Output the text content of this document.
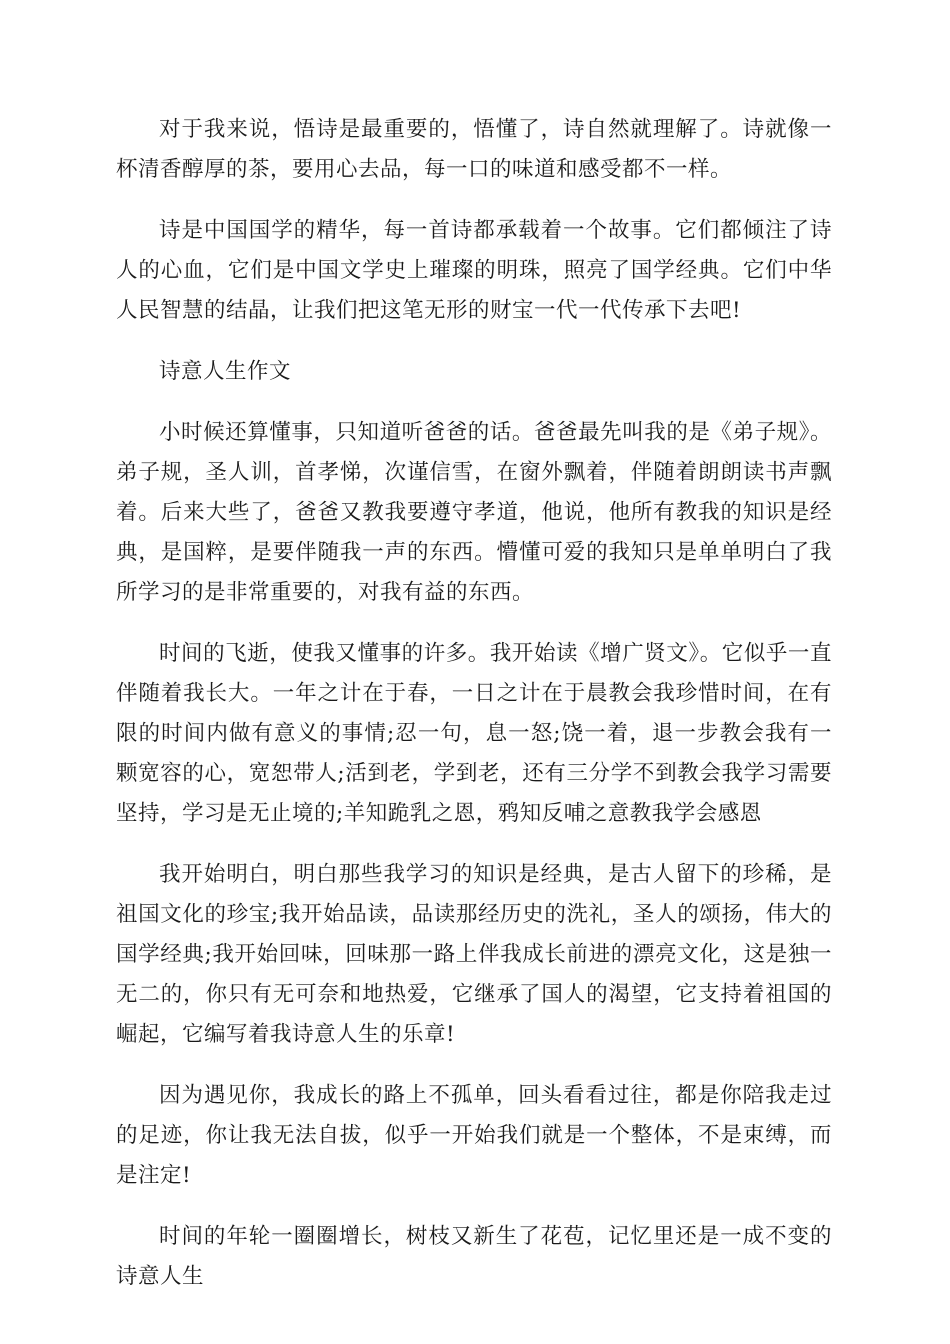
对于我来说，悟诗是最重要的，悟懂了，诗自然就理解了。诗就像一杯清香醇厚的茶，要用心去品，每一口的味道和感受都不一样。

诗是中国国学的精华，每一首诗都承载着一个故事。它们都倾注了诗人的心血，它们是中国文学史上璀璨的明珠，照亮了国学经典。它们中华人民智慧的结晶，让我们把这笔无形的财宝一代一代传承下去吧!

诗意人生作文

小时候还算懂事，只知道听爸爸的话。爸爸最先叫我的是《弟子规》。弟子规，圣人训，首孝悌，次谨信雪，在窗外飘着，伴随着朗朗读书声飘着。后来大些了，爸爸又教我要遵守孝道，他说，他所有教我的知识是经典，是国粹，是要伴随我一声的东西。懵懂可爱的我知只是单单明白了我所学习的是非常重要的，对我有益的东西。

时间的飞逝，使我又懂事的许多。我开始读《增广贤文》。它似乎一直伴随着我长大。一年之计在于春，一日之计在于晨教会我珍惜时间，在有限的时间内做有意义的事情;忍一句，息一怒;饶一着，退一步教会我有一颗宽容的心，宽恕带人;活到老，学到老，还有三分学不到教会我学习需要坚持，学习是无止境的;羊知跪乳之恩，鸦知反哺之意教我学会感恩

我开始明白，明白那些我学习的知识是经典，是古人留下的珍稀，是祖国文化的珍宝;我开始品读，品读那经历史的洗礼，圣人的颂扬，伟大的国学经典;我开始回味，回味那一路上伴我成长前进的漂亮文化，这是独一无二的，你只有无可奈和地热爱，它继承了国人的渴望，它支持着祖国的崛起，它编写着我诗意人生的乐章!

因为遇见你，我成长的路上不孤单，回头看看过往，都是你陪我走过的足迹，你让我无法自拔，似乎一开始我们就是一个整体，不是束缚，而是注定!

时间的年轮一圈圈增长，树枝又新生了花苞，记忆里还是一成不变的诗意人生
